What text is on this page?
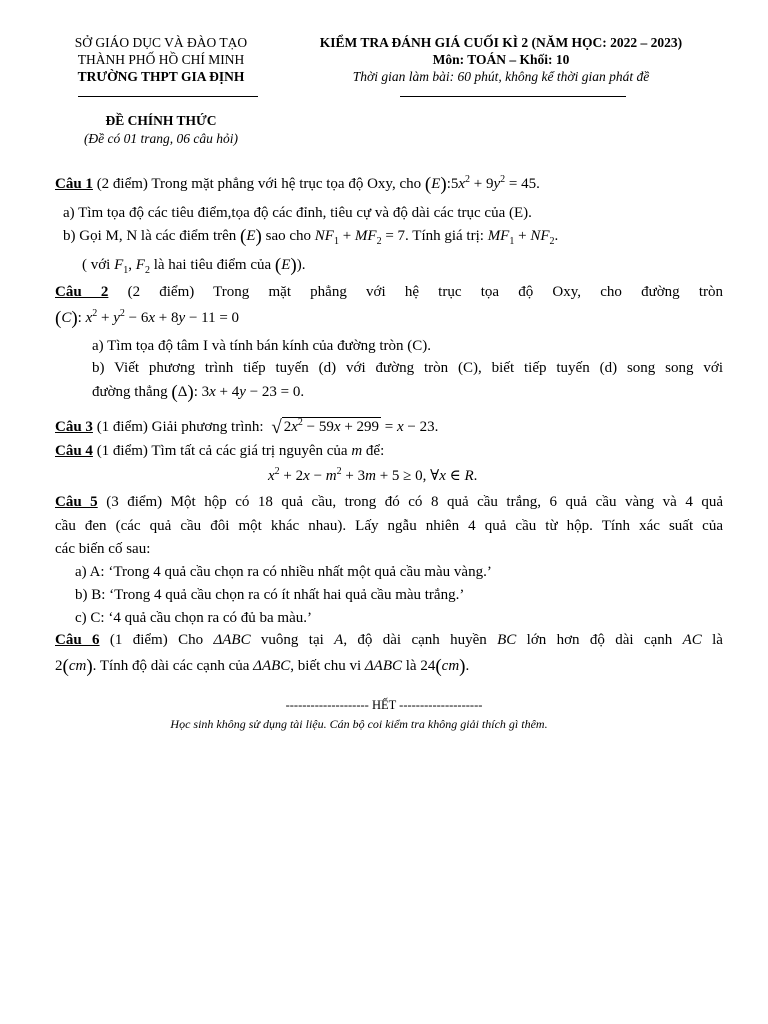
SỞ GIÁO DỤC VÀ ĐÀO TẠO
THÀNH PHỐ HỒ CHÍ MINH
TRƯỜNG THPT GIA ĐỊNH
ĐỀ CHÍNH THỨC
(Đề có 01 trang, 06 câu hỏi)
KIỂM TRA ĐÁNH GIÁ CUỐI KÌ 2 (NĂM HỌC: 2022 – 2023)
Môn: TOÁN – Khối: 10
Thời gian làm bài: 60 phút, không kể thời gian phát đề
Câu 1 (2 điểm) Trong mặt phẳng với hệ trục tọa độ Oxy, cho $(E):5x^2 + 9y^2 = 45$.
a) Tìm tọa độ các tiêu điểm,tọa độ các đỉnh, tiêu cự và độ dài các trục của (E).
b) Gọi M, N là các điểm trên (E) sao cho $NF_1 + MF_2 = 7$. Tính giá trị: $MF_1 + NF_2$.
( với $F_1$, $F_2$ là hai tiêu điểm của (E)).
Câu 2 (2 điểm) Trong mặt phẳng với hệ trục tọa độ Oxy, cho đường tròn
(C): $x^2 + y^2 - 6x + 8y - 11 = 0$
a) Tìm tọa độ tâm I và tính bán kính của đường tròn (C).
b) Viết phương trình tiếp tuyến (d) với đường tròn (C), biết tiếp tuyến (d) song song với
đường thẳng (Δ): 3x + 4y − 23 = 0.
Câu 3 (1 điểm) Giải phương trình: √ $2x^2 - 59x + 299 = x - 23$.
Câu 4 (1 điểm) Tìm tất cả các giá trị nguyên của m để:
$x^2 + 2x - m^2 + 3m + 5 \ge 0$, ∀x ∈ R.
Câu 5 (3 điểm) Một hộp có 18 quả cầu, trong đó có 8 quả cầu trắng, 6 quả cầu vàng và 4 quả
cầu đen (các quả cầu đôi một khác nhau). Lấy ngẫu nhiên 4 quả cầu từ hộp. Tính xác suất của
các biến cố sau:
a) A: ‘Trong 4 quả cầu chọn ra có nhiều nhất một quả cầu màu vàng.’
b) B: ‘Trong 4 quả cầu chọn ra có ít nhất hai quả cầu màu trắng.’
c) C: ‘4 quả cầu chọn ra có đủ ba màu.’
Câu 6 (1 điểm) Cho ΔABC vuông tại A, độ dài cạnh huyền BC lớn hơn độ dài cạnh AC là
2(cm). Tính độ dài các cạnh của ΔABC, biết chu vi ΔABC là 24(cm).
-------------------- HẾT --------------------
Học sinh không sử dụng tài liệu. Cán bộ coi kiểm tra không giải thích gì thêm.
